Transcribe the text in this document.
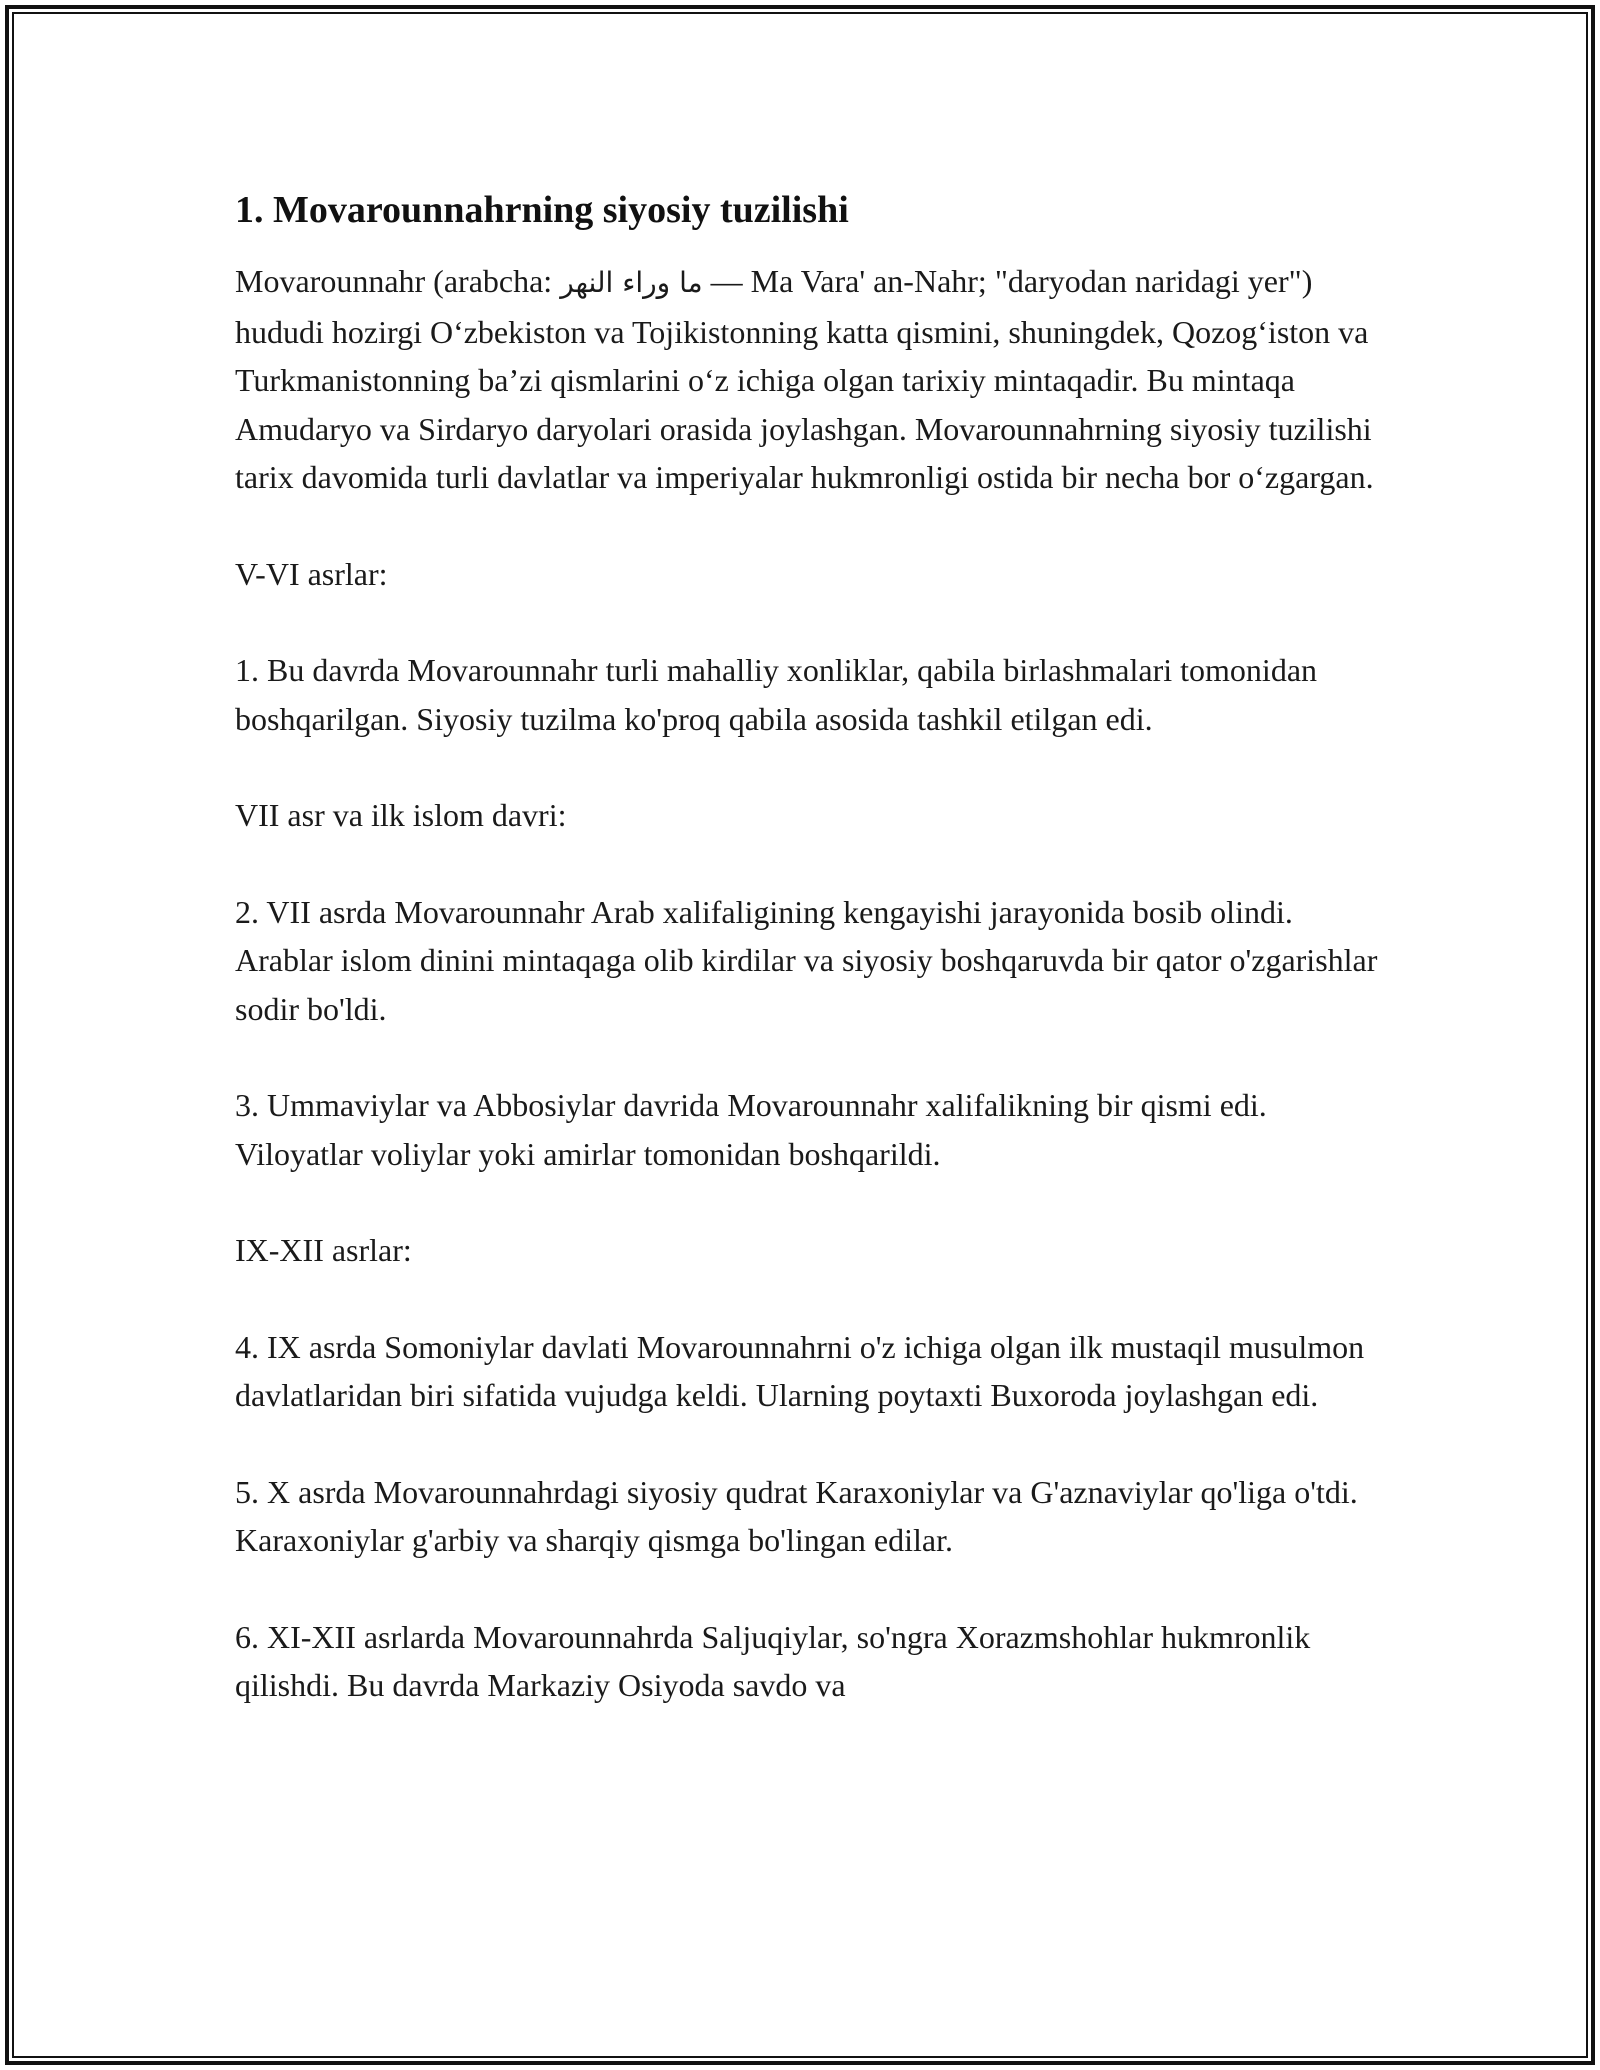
1. Movarounnahrning siyosiy tuzilishi

Movarounnahr (arabcha: ما وراء النهر — Ma Vara' an-Nahr; "daryodan naridagi yer") hududi hozirgi O‘zbekiston va Tojikistonning katta qismini, shuningdek, Qozog‘iston va Turkmanistonning ba’zi qismlarini o‘z ichiga olgan tarixiy mintaqadir. Bu mintaqa Amudaryo va Sirdaryo daryolari orasida joylashgan. Movarounnahrning siyosiy tuzilishi tarix davomida turli davlatlar va imperiyalar hukmronligi ostida bir necha bor o‘zgargan.

V-VI asrlar:

1. Bu davrda Movarounnahr turli mahalliy xonliklar, qabila birlashmalari tomonidan boshqarilgan. Siyosiy tuzilma ko'proq qabila asosida tashkil etilgan edi.

VII asr va ilk islom davri:

2. VII asrda Movarounnahr Arab xalifaligining kengayishi jarayonida bosib olindi. Arablar islom dinini mintaqaga olib kirdilar va siyosiy boshqaruvda bir qator o'zgarishlar sodir bo'ldi.

3. Ummaviylar va Abbosiylar davrida Movarounnahr xalifalikning bir qismi edi. Viloyatlar voliylar yoki amirlar tomonidan boshqarildi.

IX-XII asrlar:

4. IX asrda Somoniylar davlati Movarounnahrni o'z ichiga olgan ilk mustaqil musulmon davlatlaridan biri sifatida vujudga keldi. Ularning poytaxti Buxoroda joylashgan edi.

5. X asrda Movarounnahrdagi siyosiy qudrat Karaxoniylar va G'aznaviylar qo'liga o'tdi. Karaxoniylar g'arbiy va sharqiy qismga bo'lingan edilar.

6. XI-XII asrlarda Movarounnahrda Saljuqiylar, so'ngra Xorazmshohlar hukmronlik qilishdi. Bu davrda Markaziy Osiyoda savdo va
